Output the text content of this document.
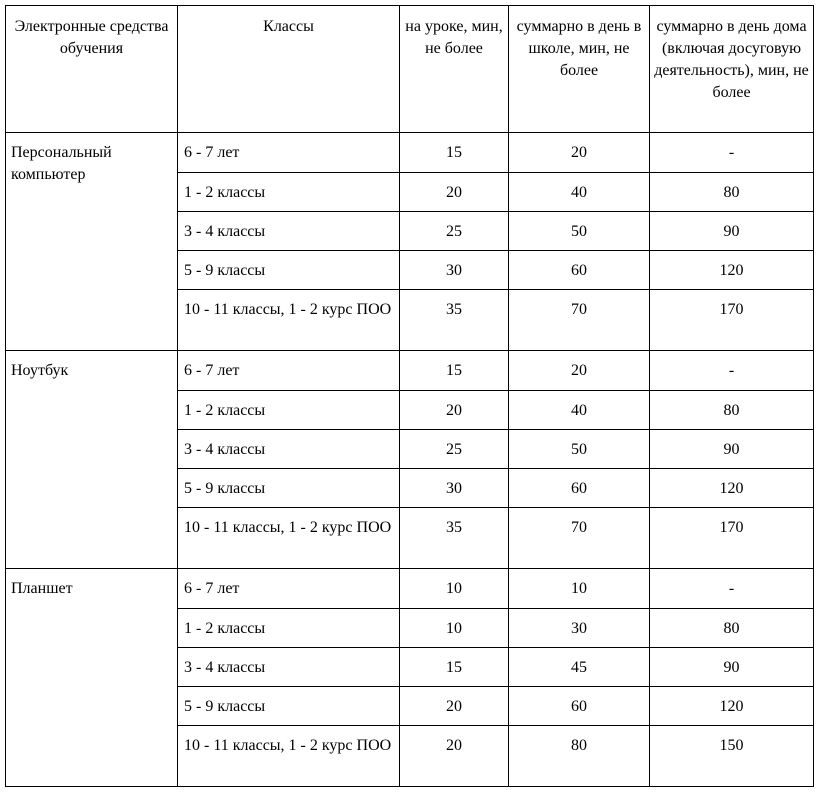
Электронные средства обучения	Классы	на уроке, мин, не более	суммарно в день в школе, мин, не более	суммарно в день дома (включая досуговую деятельность), мин, не более
Персональный компьютер	6 - 7 лет	15	20	-
	1 - 2 классы	20	40	80
	3 - 4 классы	25	50	90
	5 - 9 классы	30	60	120
	10 - 11 классы, 1 - 2 курс ПОО	35	70	170
Ноутбук	6 - 7 лет	15	20	-
	1 - 2 классы	20	40	80
	3 - 4 классы	25	50	90
	5 - 9 классы	30	60	120
	10 - 11 классы, 1 - 2 курс ПОО	35	70	170
Планшет	6 - 7 лет	10	10	-
	1 - 2 классы	10	30	80
	3 - 4 классы	15	45	90
	5 - 9 классы	20	60	120
	10 - 11 классы, 1 - 2 курс ПОО	20	80	150
